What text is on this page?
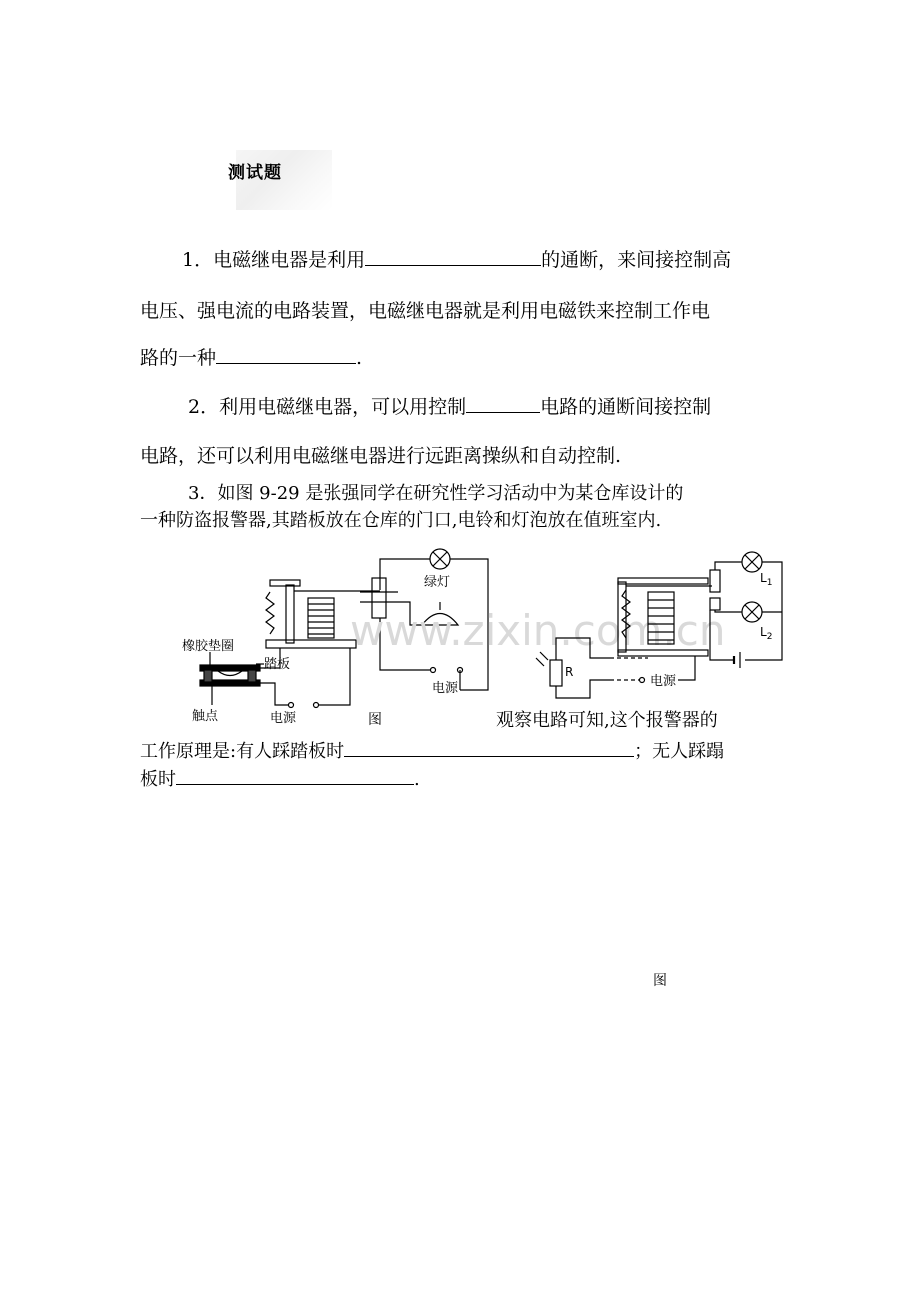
测试题
1．电磁继电器是利用	的通断，来间接控制高
电压、强电流的电路装置，电磁继电器就是利用电磁铁来控制工作电
路的一种	.
2．利用电磁继电器，可以用控制	电路的通断间接控制
电路，还可以利用电磁继电器进行远距离操纵和自动控制.
3．如图 9-29 是张强同学在研究性学习活动中为某仓库设计的
一种防盗报警器,其踏板放在仓库的门口,电铃和灯泡放在值班室内.
绿灯
电源
橡胶垫圈
踏板
触点	电源	图
www.zixin.com.cn
$L_1$
$L_2$
R
电源
观察电路可知,这个报警器的
工作原理是:有人踩踏板时	；无人踩蹋
板时	.
图
